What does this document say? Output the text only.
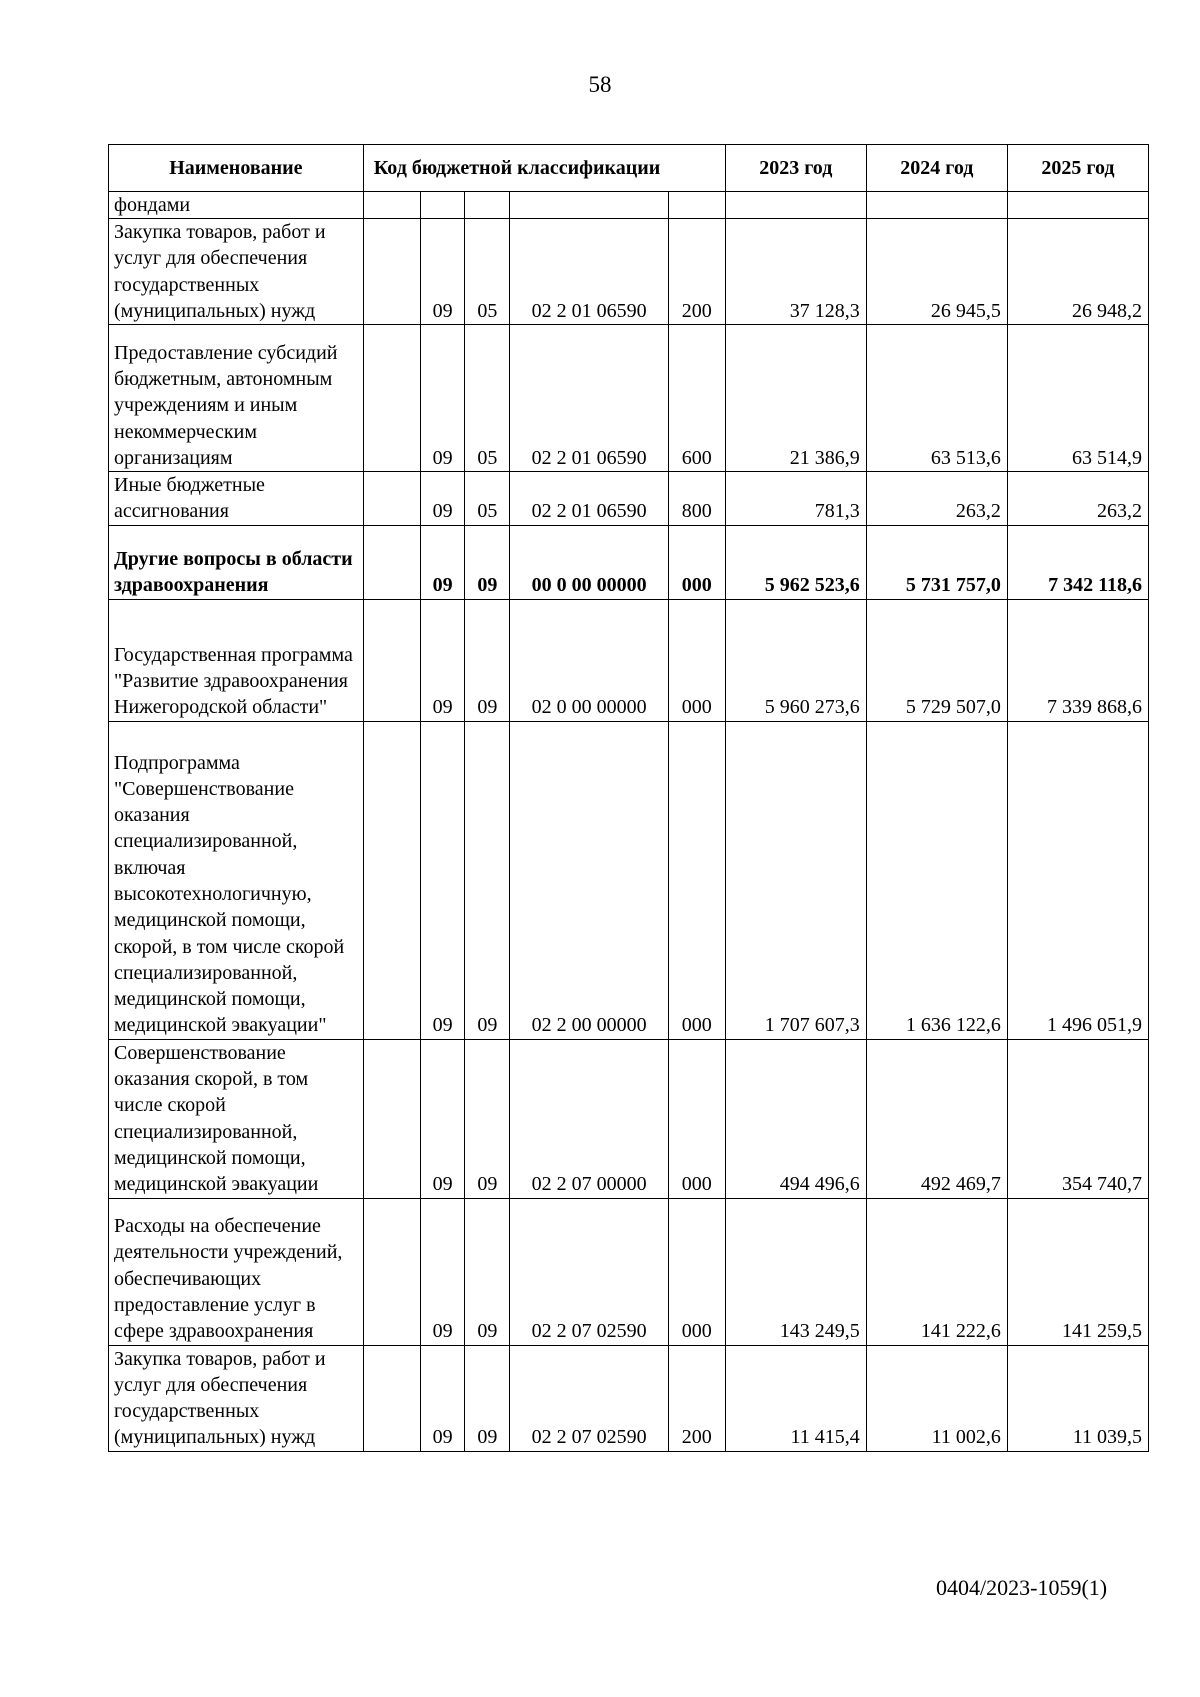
58
Наименование	Код бюджетной классификации					2023 год	2024 год	2025 год
фондами								
Закупка товаров, работ и услуг для обеспечения государственных (муниципальных) нужд		09	05	02 2 01 06590	200	37 128,3	26 945,5	26 948,2
Предоставление субсидий бюджетным, автономным учреждениям и иным некоммерческим организациям		09	05	02 2 01 06590	600	21 386,9	63 513,6	63 514,9
Иные бюджетные ассигнования		09	05	02 2 01 06590	800	781,3	263,2	263,2
Другие вопросы в области здравоохранения		09	09	00 0 00 00000	000	5 962 523,6	5 731 757,0	7 342 118,6
Государственная программа "Развитие здравоохранения Нижегородской области"		09	09	02 0 00 00000	000	5 960 273,6	5 729 507,0	7 339 868,6
Подпрограмма "Совершенствование оказания специализированной, включая высокотехнологичную, медицинской помощи, скорой, в том числе скорой специализированной, медицинской помощи, медицинской эвакуации"		09	09	02 2 00 00000	000	1 707 607,3	1 636 122,6	1 496 051,9
Совершенствование оказания скорой, в том числе скорой специализированной, медицинской помощи, медицинской эвакуации		09	09	02 2 07 00000	000	494 496,6	492 469,7	354 740,7
Расходы на обеспечение деятельности учреждений, обеспечивающих предоставление услуг в сфере здравоохранения		09	09	02 2 07 02590	000	143 249,5	141 222,6	141 259,5
Закупка товаров, работ и услуг для обеспечения государственных (муниципальных) нужд		09	09	02 2 07 02590	200	11 415,4	11 002,6	11 039,5
0404/2023-1059(1)
